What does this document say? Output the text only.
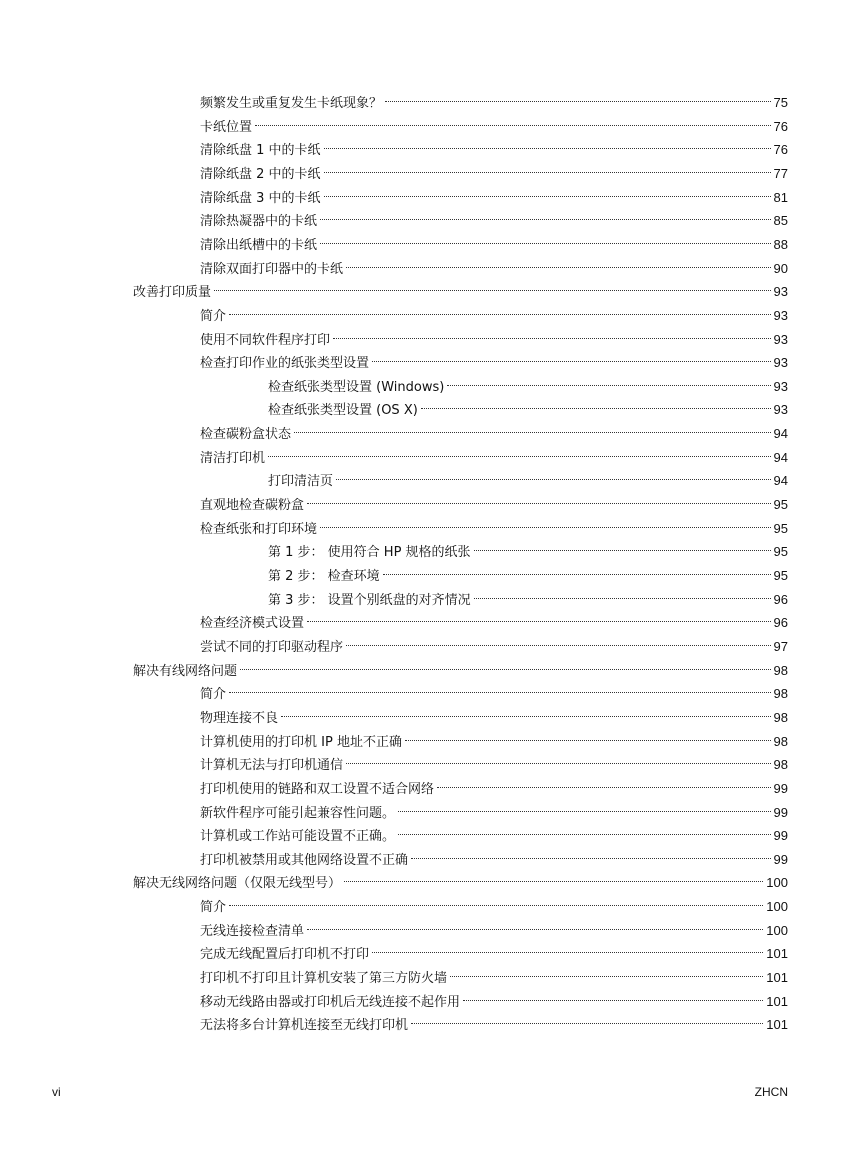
频繁发生或重复发生卡纸现象？	75
卡纸位置	76
清除纸盘 1 中的卡纸	76
清除纸盘 2 中的卡纸	77
清除纸盘 3 中的卡纸	81
清除热凝器中的卡纸	85
清除出纸槽中的卡纸	88
清除双面打印器中的卡纸	90
改善打印质量	93
简介	93
使用不同软件程序打印	93
检查打印作业的纸张类型设置	93
检查纸张类型设置 (Windows)	93
检查纸张类型设置 (OS X)	93
检查碳粉盒状态	94
清洁打印机	94
打印清洁页	94
直观地检查碳粉盒	95
检查纸张和打印环境	95
第 1 步： 使用符合 HP 规格的纸张	95
第 2 步： 检查环境	95
第 3 步： 设置个别纸盘的对齐情况	96
检查经济模式设置	96
尝试不同的打印驱动程序	97
解决有线网络问题	98
简介	98
物理连接不良	98
计算机使用的打印机 IP 地址不正确	98
计算机无法与打印机通信	98
打印机使用的链路和双工设置不适合网络	99
新软件程序可能引起兼容性问题。	99
计算机或工作站可能设置不正确。	99
打印机被禁用或其他网络设置不正确	99
解决无线网络问题（仅限无线型号）	100
简介	100
无线连接检查清单	100
完成无线配置后打印机不打印	101
打印机不打印且计算机安装了第三方防火墙	101
移动无线路由器或打印机后无线连接不起作用	101
无法将多台计算机连接至无线打印机	101
vi	ZHCN
